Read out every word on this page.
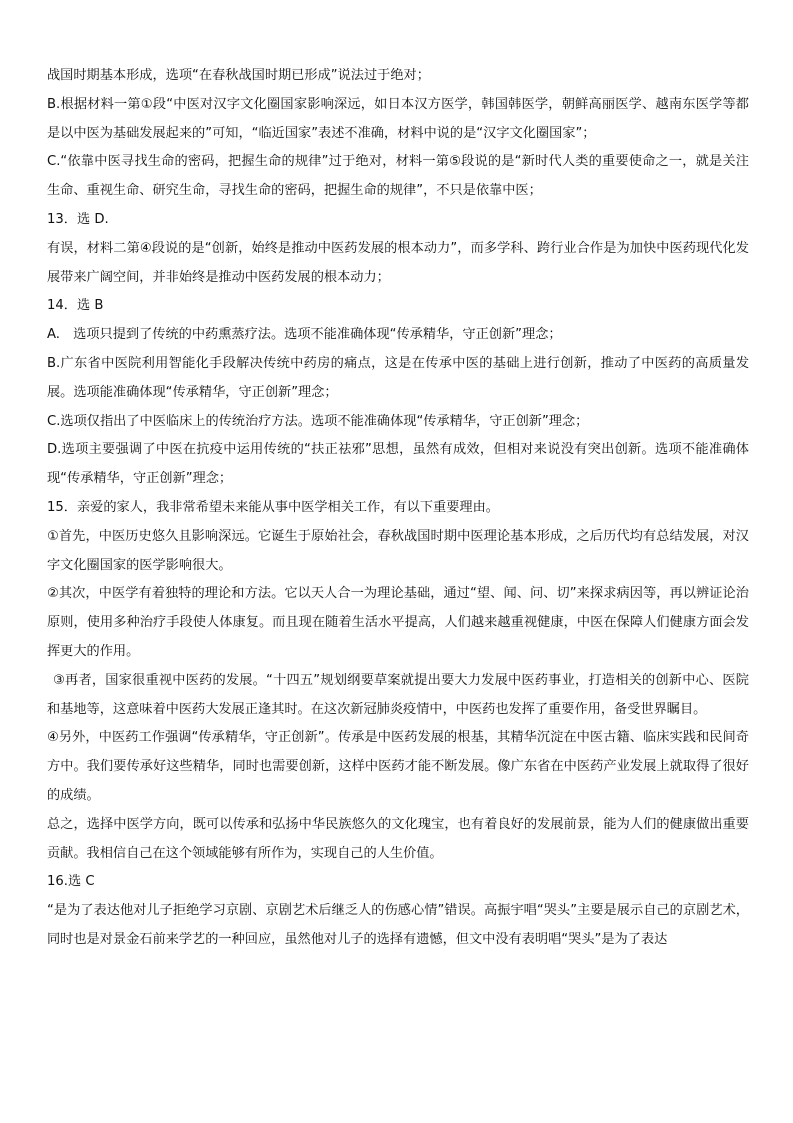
战国时期基本形成，选项“在春秋战国时期已形成”说法过于绝对；

B.根据材料一第①段“中医对汉字文化圈国家影响深远，如日本汉方医学，韩国韩医学，朝鲜高丽医学、越南东医学等都是以中医为基础发展起来的”可知，“临近国家”表述不准确，材料中说的是“汉字文化圈国家”；

C.“依靠中医寻找生命的密码，把握生命的规律”过于绝对，材料一第⑤段说的是“新时代人类的重要使命之一，就是关注生命、重视生命、研究生命，寻找生命的密码，把握生命的规律”，不只是依靠中医；

13．选 D.

有误，材料二第④段说的是“创新，始终是推动中医药发展的根本动力”，而多学科、跨行业合作是为加快中医药现代化发展带来广阔空间，并非始终是推动中医药发展的根本动力；

14．选 B

A.　选项只提到了传统的中药熏蒸疗法。选项不能准确体现“传承精华，守正创新”理念；

B.广东省中医院利用智能化手段解决传统中药房的痛点，这是在传承中医的基础上进行创新，推动了中医药的高质量发展。选项能准确体现“传承精华，守正创新”理念；

C.选项仅指出了中医临床上的传统治疗方法。选项不能准确体现“传承精华，守正创新”理念；

D.选项主要强调了中医在抗疫中运用传统的“扶正祛邪”思想，虽然有成效，但相对来说没有突出创新。选项不能准确体现“传承精华，守正创新”理念；

15．亲爱的家人，我非常希望未来能从事中医学相关工作，有以下重要理由。

①首先，中医历史悠久且影响深远。它诞生于原始社会，春秋战国时期中医理论基本形成，之后历代均有总结发展，对汉字文化圈国家的医学影响很大。

②其次，中医学有着独特的理论和方法。它以天人合一为理论基础，通过“望、闻、问、切”来探求病因等，再以辨证论治原则，使用多种治疗手段使人体康复。而且现在随着生活水平提高，人们越来越重视健康，中医在保障人们健康方面会发挥更大的作用。

③再者，国家很重视中医药的发展。“十四五”规划纲要草案就提出要大力发展中医药事业，打造相关的创新中心、医院和基地等，这意味着中医药大发展正逢其时。在这次新冠肺炎疫情中，中医药也发挥了重要作用，备受世界瞩目。

④另外，中医药工作强调“传承精华，守正创新”。传承是中医药发展的根基，其精华沉淀在中医古籍、临床实践和民间奇方中。我们要传承好这些精华，同时也需要创新，这样中医药才能不断发展。像广东省在中医药产业发展上就取得了很好的成绩。

总之，选择中医学方向，既可以传承和弘扬中华民族悠久的文化瑰宝，也有着良好的发展前景，能为人们的健康做出重要贡献。我相信自己在这个领域能够有所作为，实现自己的人生价值。

16.选 C

“是为了表达他对儿子拒绝学习京剧、京剧艺术后继乏人的伤感心情”错误。高振宇唱“哭头”主要是展示自己的京剧艺术，同时也是对景金石前来学艺的一种回应，虽然他对儿子的选择有遗憾，但文中没有表明唱“哭头”是为了表达
